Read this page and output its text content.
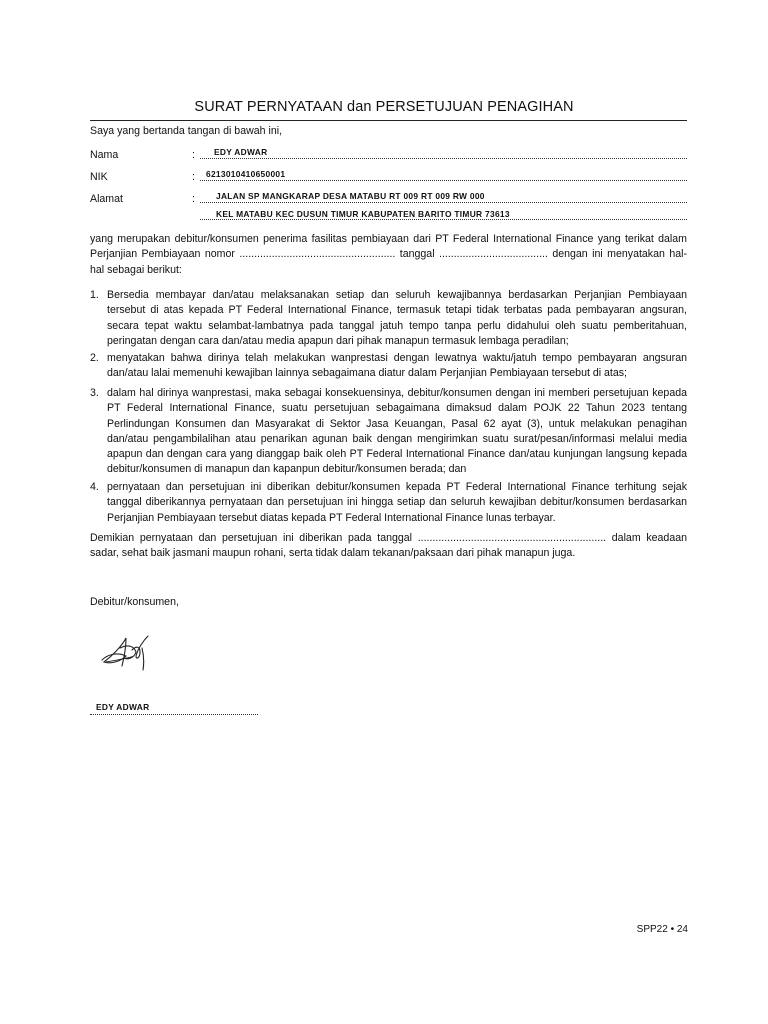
SURAT PERNYATAAN dan PERSETUJUAN PENAGIHAN
Saya yang bertanda tangan di bawah ini,
Nama	: EDY ADWAR
NIK	: 6213010410650001
Alamat	:	JALAN SP MANGKARAP DESA MATABU RT 009 RT 009 RW 000
KEL MATABU KEC DUSUN TIMUR KABUPATEN BARITO TIMUR 73613
yang merupakan debitur/konsumen penerima fasilitas pembiayaan dari PT Federal International Finance yang terikat dalam Perjanjian Pembiayaan nomor ..................................................... tanggal ..................................... dengan ini menyatakan hal-hal sebagai berikut:
1. Bersedia membayar dan/atau melaksanakan setiap dan seluruh kewajibannya berdasarkan Perjanjian Pembiayaan tersebut di atas kepada PT Federal International Finance, termasuk tetapi tidak terbatas pada pembayaran angsuran, secara tepat waktu selambat-lambatnya pada tanggal jatuh tempo tanpa perlu didahului oleh suatu pemberitahuan, peringatan dengan cara dan/atau media apapun dari pihak manapun termasuk lembaga peradilan;
2. menyatakan bahwa dirinya telah melakukan wanprestasi dengan lewatnya waktu/jatuh tempo pembayaran angsuran dan/atau lalai memenuhi kewajiban lainnya sebagaimana diatur dalam Perjanjian Pembiayaan tersebut di atas;
3. dalam hal dirinya wanprestasi, maka sebagai konsekuensinya, debitur/konsumen dengan ini memberi persetujuan kepada PT Federal International Finance, suatu persetujuan sebagaimana dimaksud dalam POJK 22 Tahun 2023 tentang Perlindungan Konsumen dan Masyarakat di Sektor Jasa Keuangan, Pasal 62 ayat (3), untuk melakukan penagihan dan/atau pengambilalihan atau penarikan agunan baik dengan mengirimkan suatu surat/pesan/informasi melalui media apapun dan dengan cara yang dianggap baik oleh PT Federal International Finance dan/atau kunjungan langsung kepada debitur/konsumen di manapun dan kapanpun debitur/konsumen berada; dan
4. pernyataan dan persetujuan ini diberikan debitur/konsumen kepada PT Federal International Finance terhitung sejak tanggal diberikannya pernyataan dan persetujuan ini hingga setiap dan seluruh kewajiban debitur/konsumen berdasarkan Perjanjian Pembiayaan tersebut diatas kepada PT Federal International Finance lunas terbayar.
Demikian pernyataan dan persetujuan ini diberikan pada tanggal ................................................................ dalam keadaan sadar, sehat baik jasmani maupun rohani, serta tidak dalam tekanan/paksaan dari pihak manapun juga.
Debitur/konsumen,
EDY ADWAR
SPP22 • 24
